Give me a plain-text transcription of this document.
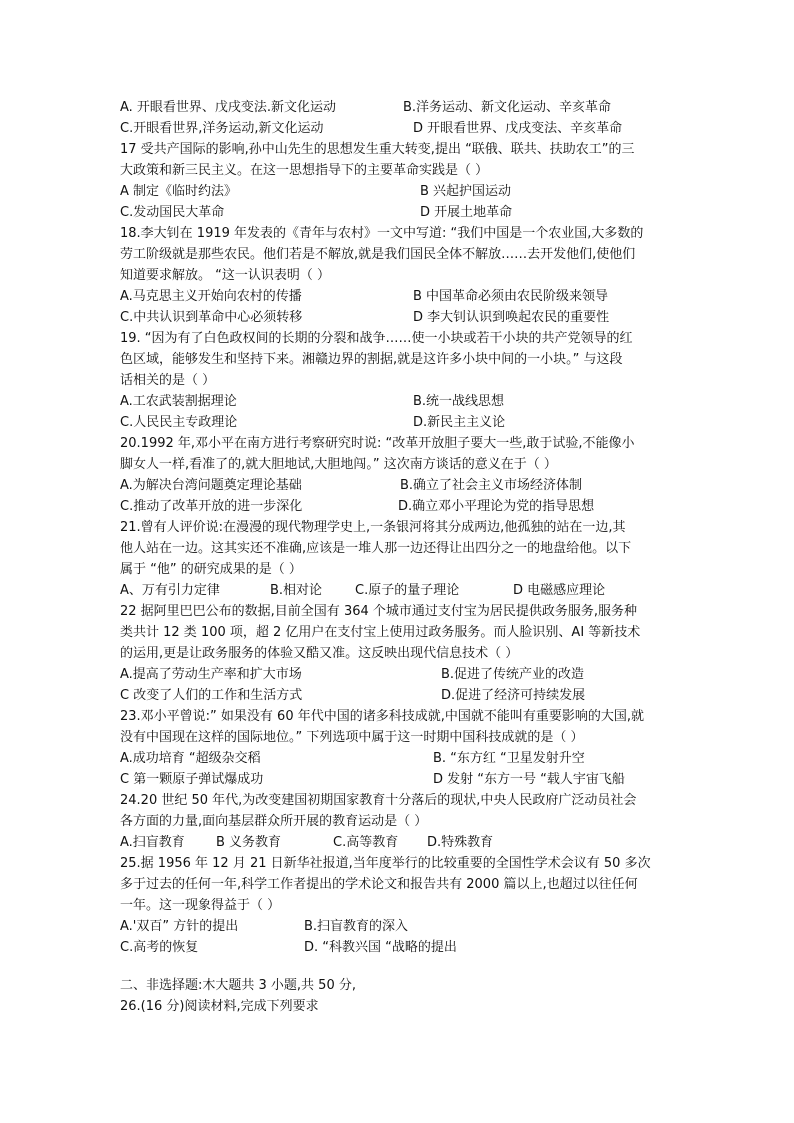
A. 开眼看世界、戊戌变法.新文化运动	B.洋务运动、新文化运动、辛亥革命
C.开眼看世界,洋务运动,新文化运动	D 开眼看世界、戊戌变法、辛亥革命
17 受共产国际的影响,孙中山先生的思想发生重大转变,提出 “联俄、联共、扶助农工”的三
大政策和新三民主义。在这一思想指导下的主要革命实践是（ ）
A 制定《临时约法》	B 兴起护国运动
C.发动国民大革命	D 开展土地革命
18.李大钊在 1919 年发表的《青年与农村》一文中写道: “我们中国是一个农业国,大多数的
劳工阶级就是那些农民。他们若是不解放,就是我们国民全体不解放……去开发他们,使他们
知道要求解放。 “这一认识表明（ ）
A.马克思主义开始向农村的传播	B 中国革命必须由农民阶级来领导
C.中共认识到革命中心必须转移	D 李大钊认识到唤起农民的重要性
19. “因为有了白色政权间的长期的分裂和战争……使一小块或若干小块的共产党领导的红
色区域，能够发生和坚持下来。湘赣边界的割据,就是这许多小块中间的一小块。” 与这段
话相关的是（ ）
A.工农武装割据理论	B.统一战线思想
C.人民民主专政理论	D.新民主主义论
20.1992 年,邓小平在南方进行考察研究时说: “改革开放胆子要大一些,敢于试验,不能像小
脚女人一样,看准了的,就大胆地试,大胆地闯。” 这次南方谈话的意义在于（ ）
A.为解决台湾问题奠定理论基础	B.确立了社会主义市场经济体制
C.推动了改革开放的进一步深化	D.确立邓小平理论为党的指导思想
21.曾有人评价说:在漫漫的现代物理学史上,一条银河将其分成两边,他孤独的站在一边,其
他人站在一边。这其实还不准确,应该是一堆人那一边还得让出四分之一的地盘给他。以下
属于 “他” 的研究成果的是（ ）
A、万有引力定律	B.相对论	C.原子的量子理论	D 电磁感应理论
22 据阿里巴巴公布的数据,目前全国有 364 个城市通过支付宝为居民提供政务服务,服务种
类共计 12 类 100 项，超 2 亿用户在支付宝上使用过政务服务。而人脸识别、AI 等新技术
的运用,更是让政务服务的体验又酷又准。这反映出现代信息技术（ ）
A.提高了劳动生产率和扩大市场	B.促进了传统产业的改造
C 改变了人们的工作和生活方式	D.促进了经济可持续发展
23.邓小平曾说:” 如果没有 60 年代中国的诸多科技成就,中国就不能叫有重要影响的大国,就
没有中国现在这样的国际地位。” 下列选项中属于这一时期中国科技成就的是（ ）
A.成功培育 “超级杂交稻	B. “东方红 “卫星发射升空
C 第一颗原子弹试爆成功	D 发射 “东方一号 “载人宇宙飞船
24.20 世纪 50 年代,为改变建国初期国家教育十分落后的现状,中央人民政府广泛动员社会
各方面的力量,面向基层群众所开展的教育运动是（ ）
A.扫盲教育 B 义务教育	C.高等教育 D.特殊教育
25.据 1956 年 12 月 21 日新华社报道,当年度举行的比较重要的全国性学术会议有 50 多次
多于过去的任何一年,科学工作者提出的学术论文和报告共有 2000 篇以上,也超过以往任何
一年。这一现象得益于（ ）
A.'双百” 方针的提出	B.扫盲教育的深入
C.高考的恢复	D. “科教兴国 “战略的提出
二、非选择题:木大题共 3 小题,共 50 分,
26.(16 分)阅读材料,完成下列要求
